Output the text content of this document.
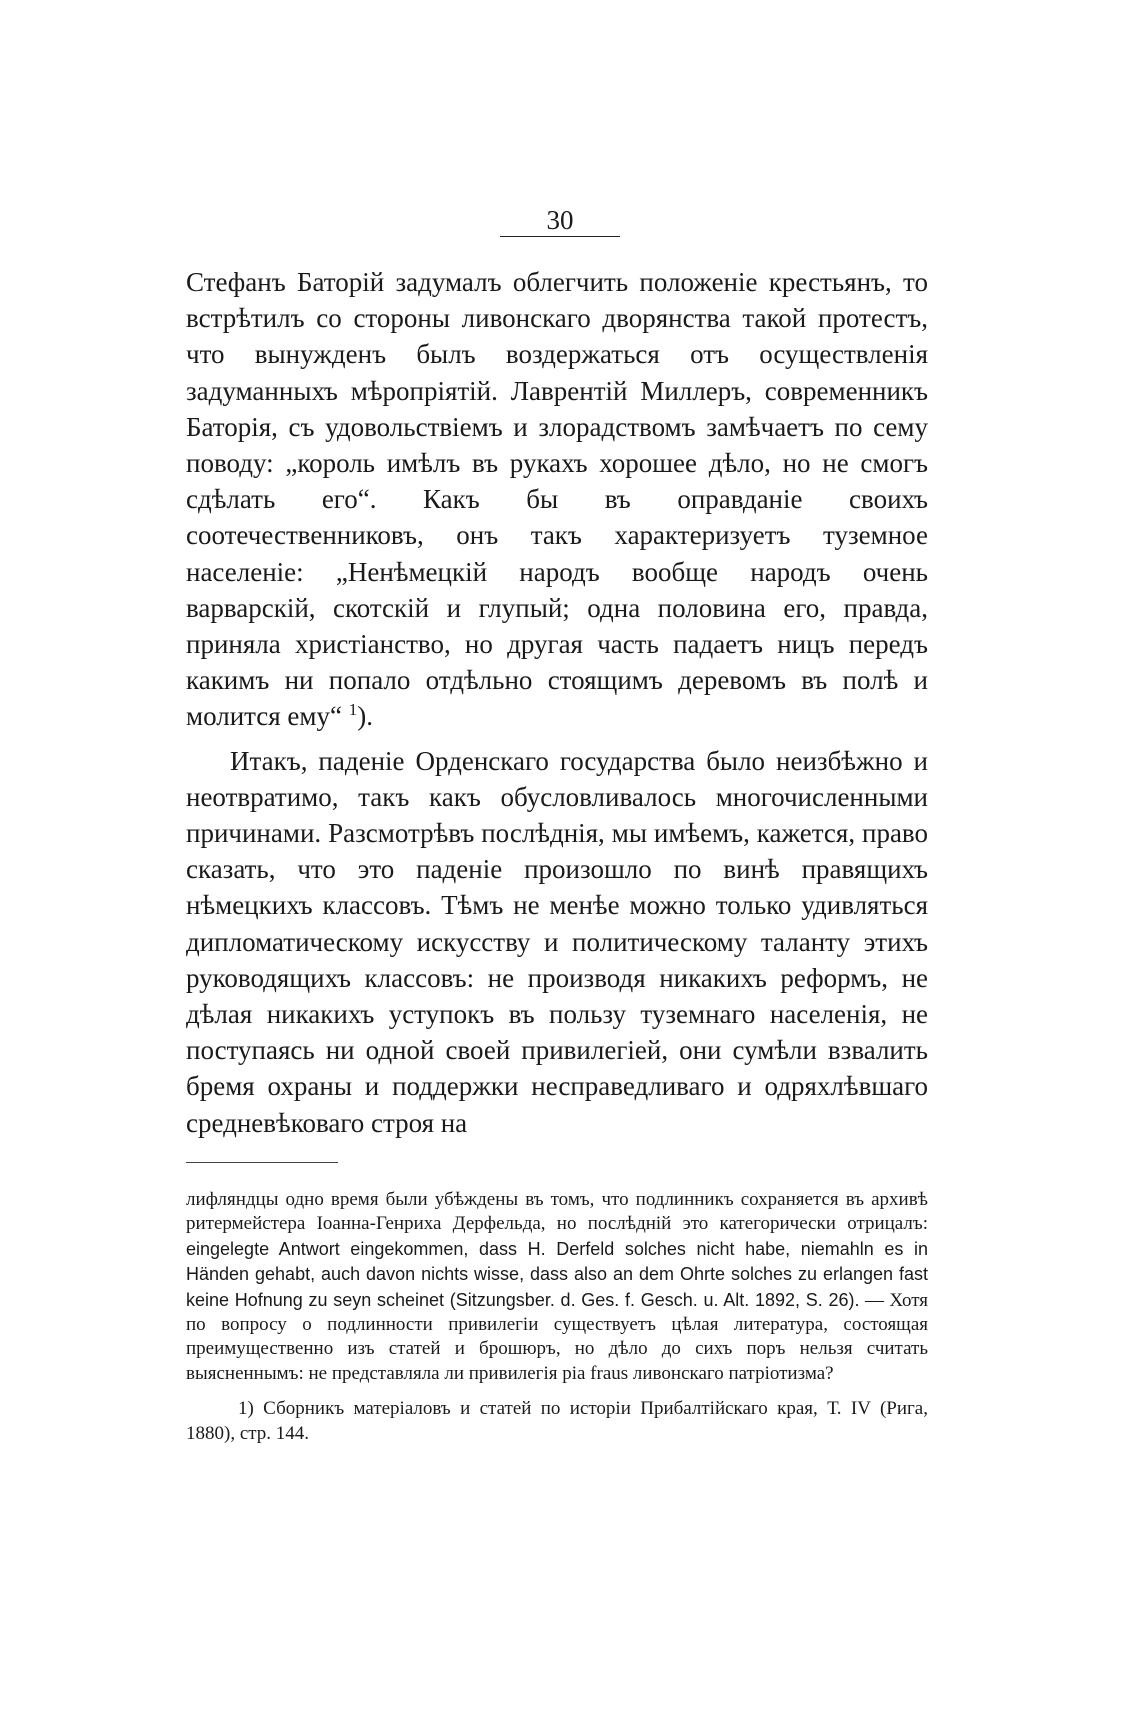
30

Стефанъ Баторій задумалъ облегчить положеніе крестьянъ, то встрѣтилъ со стороны ливонскаго дворянства такой протестъ, что вынужденъ былъ воздержаться отъ осуществленія задуманныхъ мѣропріятій. Лаврентій Миллеръ, современникъ Баторія, съ удовольствіемъ и злорадствомъ замѣчаетъ по сему поводу: „король имѣлъ въ рукахъ хорошее дѣло, но не смогъ сдѣлать его“. Какъ бы въ оправданіе своихъ соотечественниковъ, онъ такъ характеризуетъ туземное населеніе: „Ненѣмецкій народъ вообще народъ очень варварскій, скотскій и глупый; одна половина его, правда, приняла христіанство, но другая часть падаетъ ницъ передъ какимъ ни попало отдѣльно стоящимъ деревомъ въ полѣ и молится ему“ $^1$).

Итакъ, паденіе Орденскаго государства было неизбѣжно и неотвратимо, такъ какъ обусловливалось многочисленными причинами. Разсмотрѣвъ послѣднія, мы имѣемъ, кажется, право сказать, что это паденіе произошло по винѣ правящихъ нѣмецкихъ классовъ. Тѣмъ не менѣе можно только удивляться дипломатическому искусству и политическому таланту этихъ руководящихъ классовъ: не производя никакихъ реформъ, не дѣлая никакихъ уступокъ въ пользу туземнаго населенія, не поступаясь ни одной своей привилегіей, они сумѣли взвалить бремя охраны и поддержки несправедливаго и одряхлѣвшаго средневѣковаго строя на

лифляндцы одно время были убѣждены въ томъ, что подлинникъ сохраняется въ архивѣ ритермейстера Іоанна-Генриха Дерфельда, но послѣдній это категорически отрицалъ: eingelegte Antwort eingekommen, dass H. Derfeld solches nicht habe, niemahln es in Händen gehabt, auch davon nichts wisse, dass also an dem Ohrte solches zu erlangen fast keine Hofnung zu seyn scheinet (Sitzungsber. d. Ges. f. Gesch. u. Alt. 1892, S. 26). — Хотя по вопросу о подлинности привилегіи существуетъ цѣлая литература, состоящая преимущественно изъ статей и брошюръ, но дѣло до сихъ поръ нельзя считать выясненнымъ: не представляла ли привилегія pia fraus ливонскаго патріотизма?

1) Сборникъ матеріаловъ и статей по исторіи Прибалтійскаго края, Т. IV (Рига, 1880), стр. 144.
